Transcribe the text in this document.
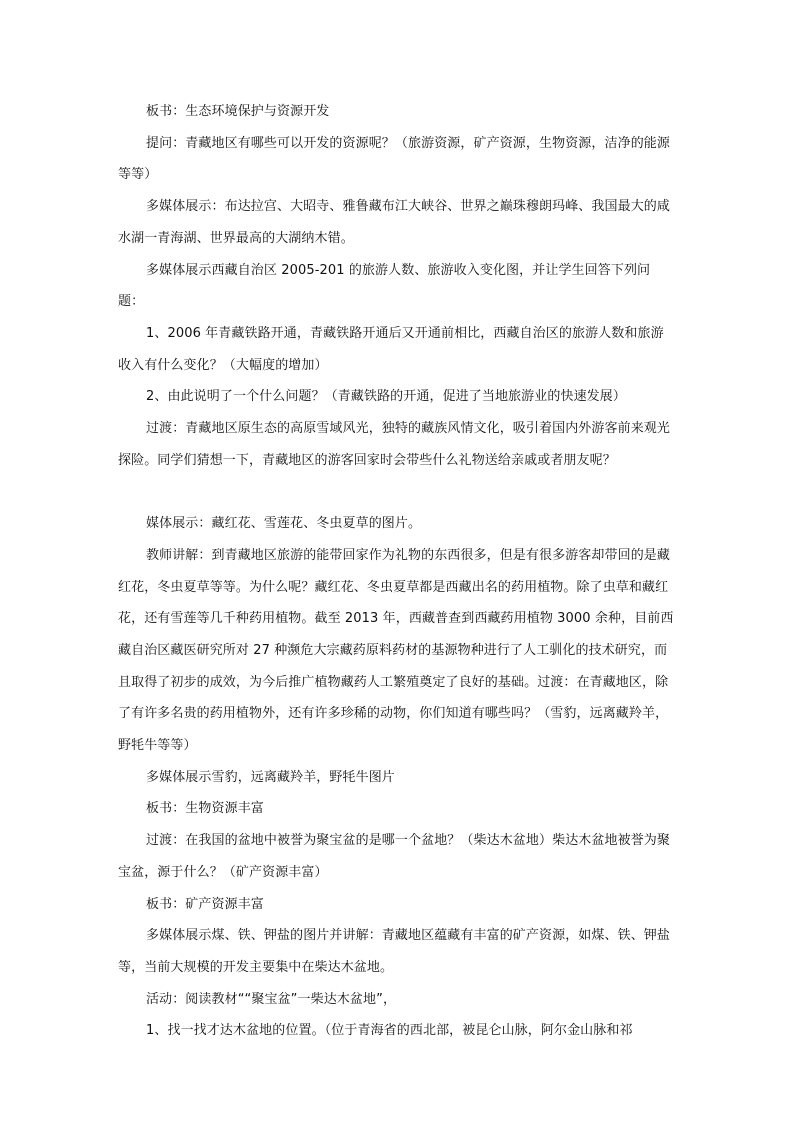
板书：生态环境保护与资源开发

提问：青藏地区有哪些可以开发的资源呢？（旅游资源，矿产资源，生物资源，洁净的能源等等）

多媒体展示：布达拉宫、大昭寺、雅鲁藏布江大峡谷、世界之巅珠穆朗玛峰、我国最大的咸水湖一青海湖、世界最高的大湖纳木错。

多媒体展示西藏自治区 2005-201 的旅游人数、旅游收入变化图，并让学生回答下列问题：

1、2006 年青藏铁路开通，青藏铁路开通后又开通前相比，西藏自治区的旅游人数和旅游收入有什么变化？（大幅度的增加）

2、由此说明了一个什么问题？（青藏铁路的开通，促进了当地旅游业的快速发展）

过渡：青藏地区原生态的高原雪域风光，独特的藏族风情文化，吸引着国内外游客前来观光探险。同学们猜想一下，青藏地区的游客回家时会带些什么礼物送给亲戚或者朋友呢？

媒体展示：藏红花、雪莲花、冬虫夏草的图片。

教师讲解：到青藏地区旅游的能带回家作为礼物的东西很多，但是有很多游客却带回的是藏红花，冬虫夏草等等。为什么呢？藏红花、冬虫夏草都是西藏出名的药用植物。除了虫草和藏红花，还有雪莲等几千种药用植物。截至 2013 年，西藏普查到西藏药用植物 3000 余种，目前西藏自治区藏医研究所对 27 种濒危大宗藏药原料药材的基源物种进行了人工驯化的技术研究，而且取得了初步的成效，为今后推广植物藏药人工繁殖奠定了良好的基础。过渡：在青藏地区，除了有许多名贵的药用植物外，还有许多珍稀的动物，你们知道有哪些吗？（雪豹，远离藏羚羊，野牦牛等等）

多媒体展示雪豹，远离藏羚羊，野牦牛图片

板书：生物资源丰富

过渡：在我国的盆地中被誉为聚宝盆的是哪一个盆地？（柴达木盆地）柴达木盆地被誉为聚宝盆，源于什么？（矿产资源丰富）

板书：矿产资源丰富

多媒体展示煤、铁、钾盐的图片并讲解：青藏地区蕴藏有丰富的矿产资源，如煤、铁、钾盐等，当前大规模的开发主要集中在柴达木盆地。

活动：阅读教材““聚宝盆”一柴达木盆地”，

1、找一找才达木盆地的位置。（位于青海省的西北部，被昆仑山脉，阿尔金山脉和祁
